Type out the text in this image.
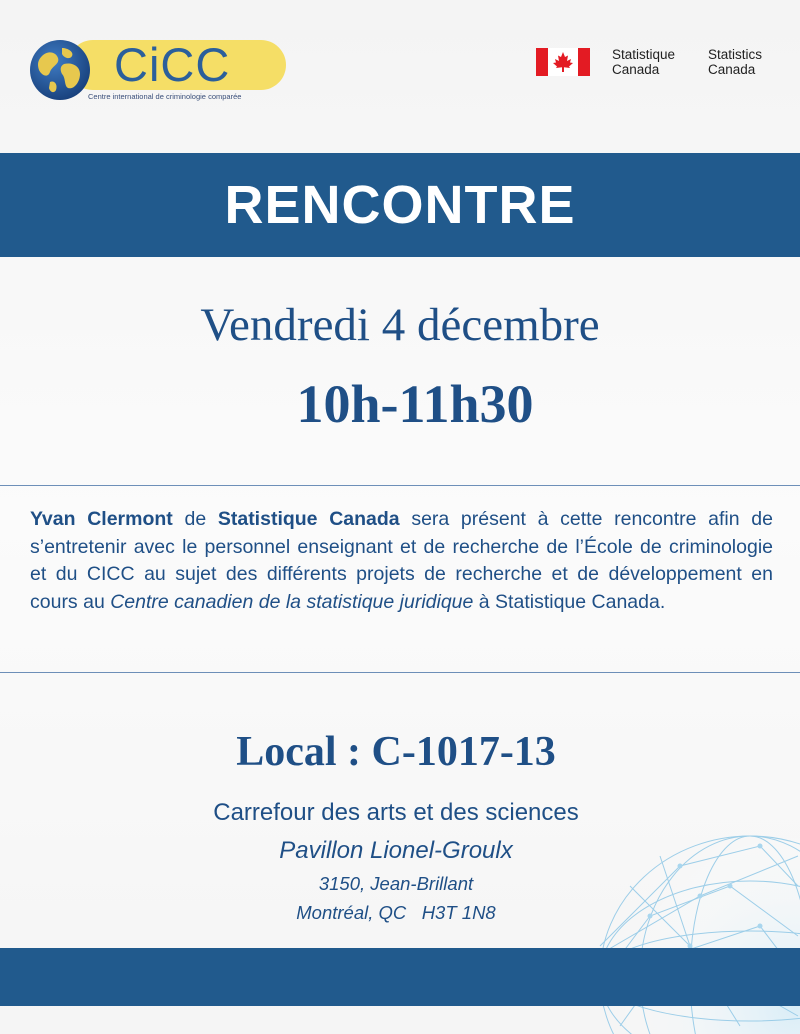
CiCC
Centre international de criminologie comparée
Statistique
Canada
Statistics
Canada
RENCONTRE
Vendredi 4 décembre
10h-11h30
Yvan Clermont de Statistique Canada sera présent à cette rencontre afin de s’entretenir avec le personnel enseignant et de recherche de l’École de criminologie et du CICC au sujet des différents projets de recherche et de développement en cours au Centre canadien de la statistique juridique à Statistique Canada.
Local : C-1017-13
Carrefour des arts et des sciences
Pavillon Lionel-Groulx
3150, Jean-Brillant
Montréal, QC   H3T 1N8
